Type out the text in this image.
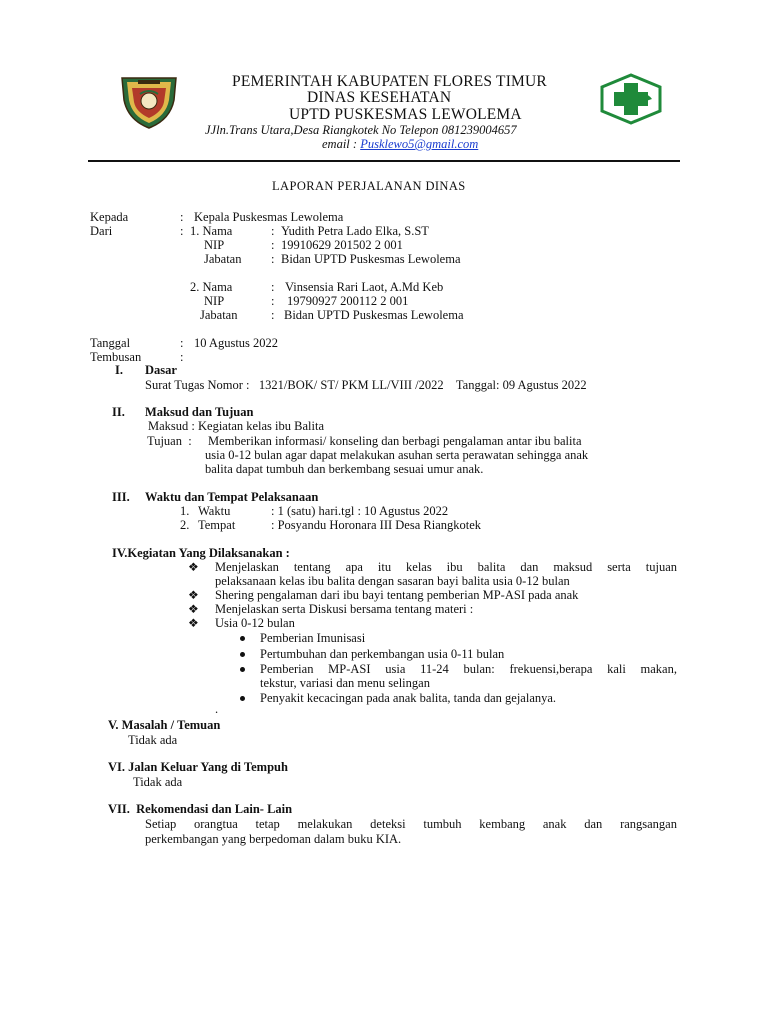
PEMERINTAH KABUPATEN FLORES TIMUR
DINAS KESEHATAN
UPTD PUSKESMAS LEWOLEMA
JJln.Trans Utara,Desa Riangkotek No Telepon 081239004657
email : Pusklewo5@gmail.com
LAPORAN PERJALANAN DINAS
Kepada	: Kepala Puskesmas Lewolema
Dari	: 1. Nama	: Yudith Petra Lado Elka, S.ST
NIP	: 19910629 201502 2 001
Jabatan : Bidan UPTD Puskesmas Lewolema
2. Nama	: Vinsensia Rari Laot, A.Md Keb
NIP	: 19790927 200112 2 001
Jabatan	: Bidan UPTD Puskesmas Lewolema
Tanggal	: 10 Agustus 2022
Tembusan	:
I. Dasar
Surat Tugas Nomor :   1321/BOK/ ST/ PKM LL/VIII /2022    Tanggal: 09 Agustus 2022
II. Maksud dan Tujuan
Maksud : Kegiatan kelas ibu Balita
Tujuan  : Memberikan informasi/ konseling dan berbagi pengalaman antar ibu balita
usia 0-12 bulan agar dapat melakukan asuhan serta perawatan sehingga anak
balita dapat tumbuh dan berkembang sesuai umur anak.
III. Waktu dan Tempat Pelaksanaan
1. Waktu	: 1 (satu) hari.tgl : 10 Agustus 2022
2. Tempat	: Posyandu Horonara III Desa Riangkotek
IV.Kegiatan Yang Dilaksanakan :
❖ Menjelaskan tentang apa itu kelas ibu balita dan maksud serta tujuan
pelaksanaan kelas ibu balita dengan sasaran bayi balita usia 0-12 bulan
❖ Shering pengalaman dari ibu bayi tentang pemberian MP-ASI pada anak
❖ Menjelaskan serta Diskusi bersama tentang materi :
❖ Usia 0-12 bulan
Pemberian Imunisasi
Pertumbuhan dan perkembangan usia 0-11 bulan
Pemberian MP-ASI usia 11-24 bulan: frekuensi,berapa kali makan,
tekstur, variasi dan menu selingan
Penyakit kecacingan pada anak balita, tanda dan gejalanya.
.
V. Masalah / Temuan
Tidak ada
VI. Jalan Keluar Yang di Tempuh
Tidak ada
VII.  Rekomendasi dan Lain- Lain
Setiap orangtua tetap melakukan deteksi tumbuh kembang anak dan rangsangan
perkembangan yang berpedoman dalam buku KIA.
